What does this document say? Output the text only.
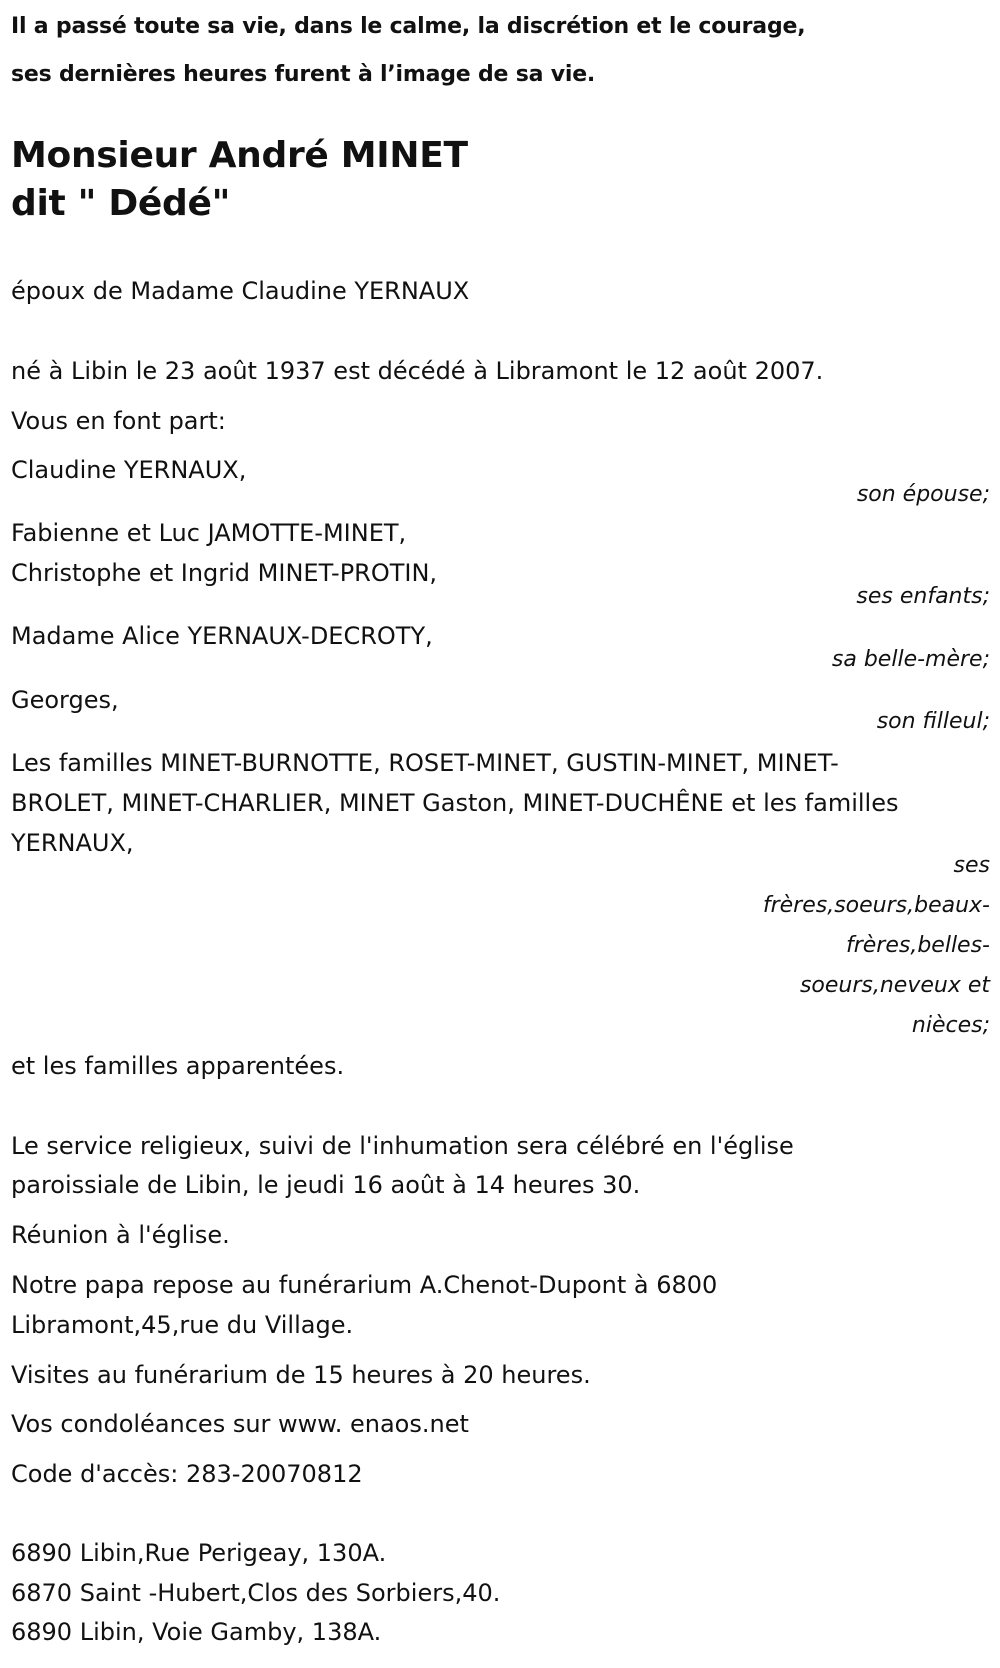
Il a passé toute sa vie, dans le calme, la discrétion et le courage,
ses dernières heures furent à l’image de sa vie.
Monsieur André MINET
dit " Dédé"
époux de Madame Claudine YERNAUX
né à Libin le 23 août 1937 est décédé à Libramont le 12 août 2007.
Vous en font part:
Claudine YERNAUX,
son épouse;
Fabienne et Luc JAMOTTE-MINET,
Christophe et Ingrid MINET-PROTIN,
ses enfants;
Madame Alice YERNAUX-DECROTY,
sa belle-mère;
Georges,
son filleul;
Les familles MINET-BURNOTTE, ROSET-MINET, GUSTIN-MINET, MINET-
BROLET, MINET-CHARLIER, MINET Gaston, MINET-DUCHÊNE et les familles
YERNAUX,
ses
frères,soeurs,beaux-
frères,belles-
soeurs,neveux et
nièces;
et les familles apparentées.
Le service religieux, suivi de l'inhumation sera célébré en l'église
paroissiale de Libin, le jeudi 16 août à 14 heures 30.
Réunion à l'église.
Notre papa repose au funérarium A.Chenot-Dupont à 6800
Libramont,45,rue du Village.
Visites au funérarium de 15 heures à 20 heures.
Vos condoléances sur www. enaos.net
Code d'accès: 283-20070812
6890 Libin,Rue Perigeay, 130A.
6870 Saint -Hubert,Clos des Sorbiers,40.
6890 Libin, Voie Gamby, 138A.
